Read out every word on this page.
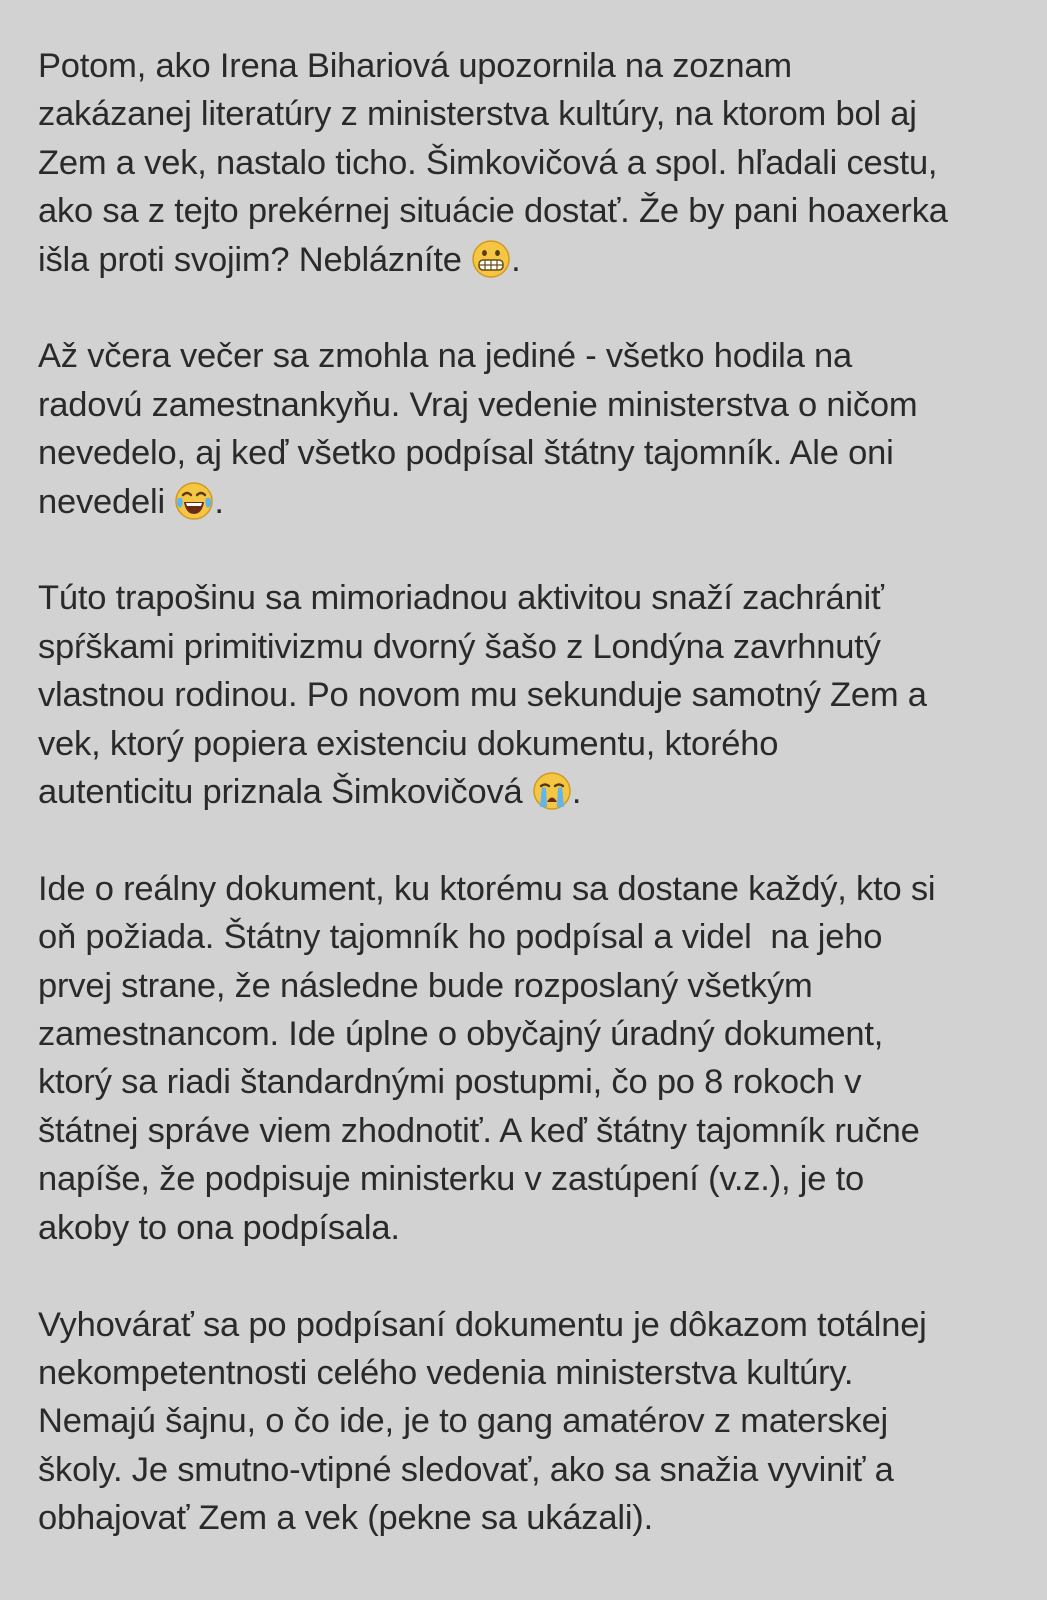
Potom, ako Irena Bihariová upozornila na zoznam
zakázanej literatúry z ministerstva kultúry, na ktorom bol aj
Zem a vek, nastalo ticho. Šimkovičová a spol. hľadali cestu,
ako sa z tejto prekérnej situácie dostať. Že by pani hoaxerka
išla proti svojim? Neblázníte .
Až včera večer sa zmohla na jediné - všetko hodila na
radovú zamestnankyňu. Vraj vedenie ministerstva o ničom
nevedelo, aj keď všetko podpísal štátny tajomník. Ale oni
nevedeli .
Túto trapošinu sa mimoriadnou aktivitou snaží zachrániť
spŕškami primitivizmu dvorný šašo z Londýna zavrhnutý
vlastnou rodinou. Po novom mu sekunduje samotný Zem a
vek, ktorý popiera existenciu dokumentu, ktorého
autenticitu priznala Šimkovičová .
Ide o reálny dokument, ku ktorému sa dostane každý, kto si
oň požiada. Štátny tajomník ho podpísal a videl  na jeho
prvej strane, že následne bude rozposlaný všetkým
zamestnancom. Ide úplne o obyčajný úradný dokument,
ktorý sa riadi štandardnými postupmi, čo po 8 rokoch v
štátnej správe viem zhodnotiť. A keď štátny tajomník ručne
napíše, že podpisuje ministerku v zastúpení (v.z.), je to
akoby to ona podpísala.
Vyhovárať sa po podpísaní dokumentu je dôkazom totálnej
nekompetentnosti celého vedenia ministerstva kultúry.
Nemajú šajnu, o čo ide, je to gang amatérov z materskej
školy. Je smutno-vtipné sledovať, ako sa snažia vyviniť a
obhajovať Zem a vek (pekne sa ukázali).
